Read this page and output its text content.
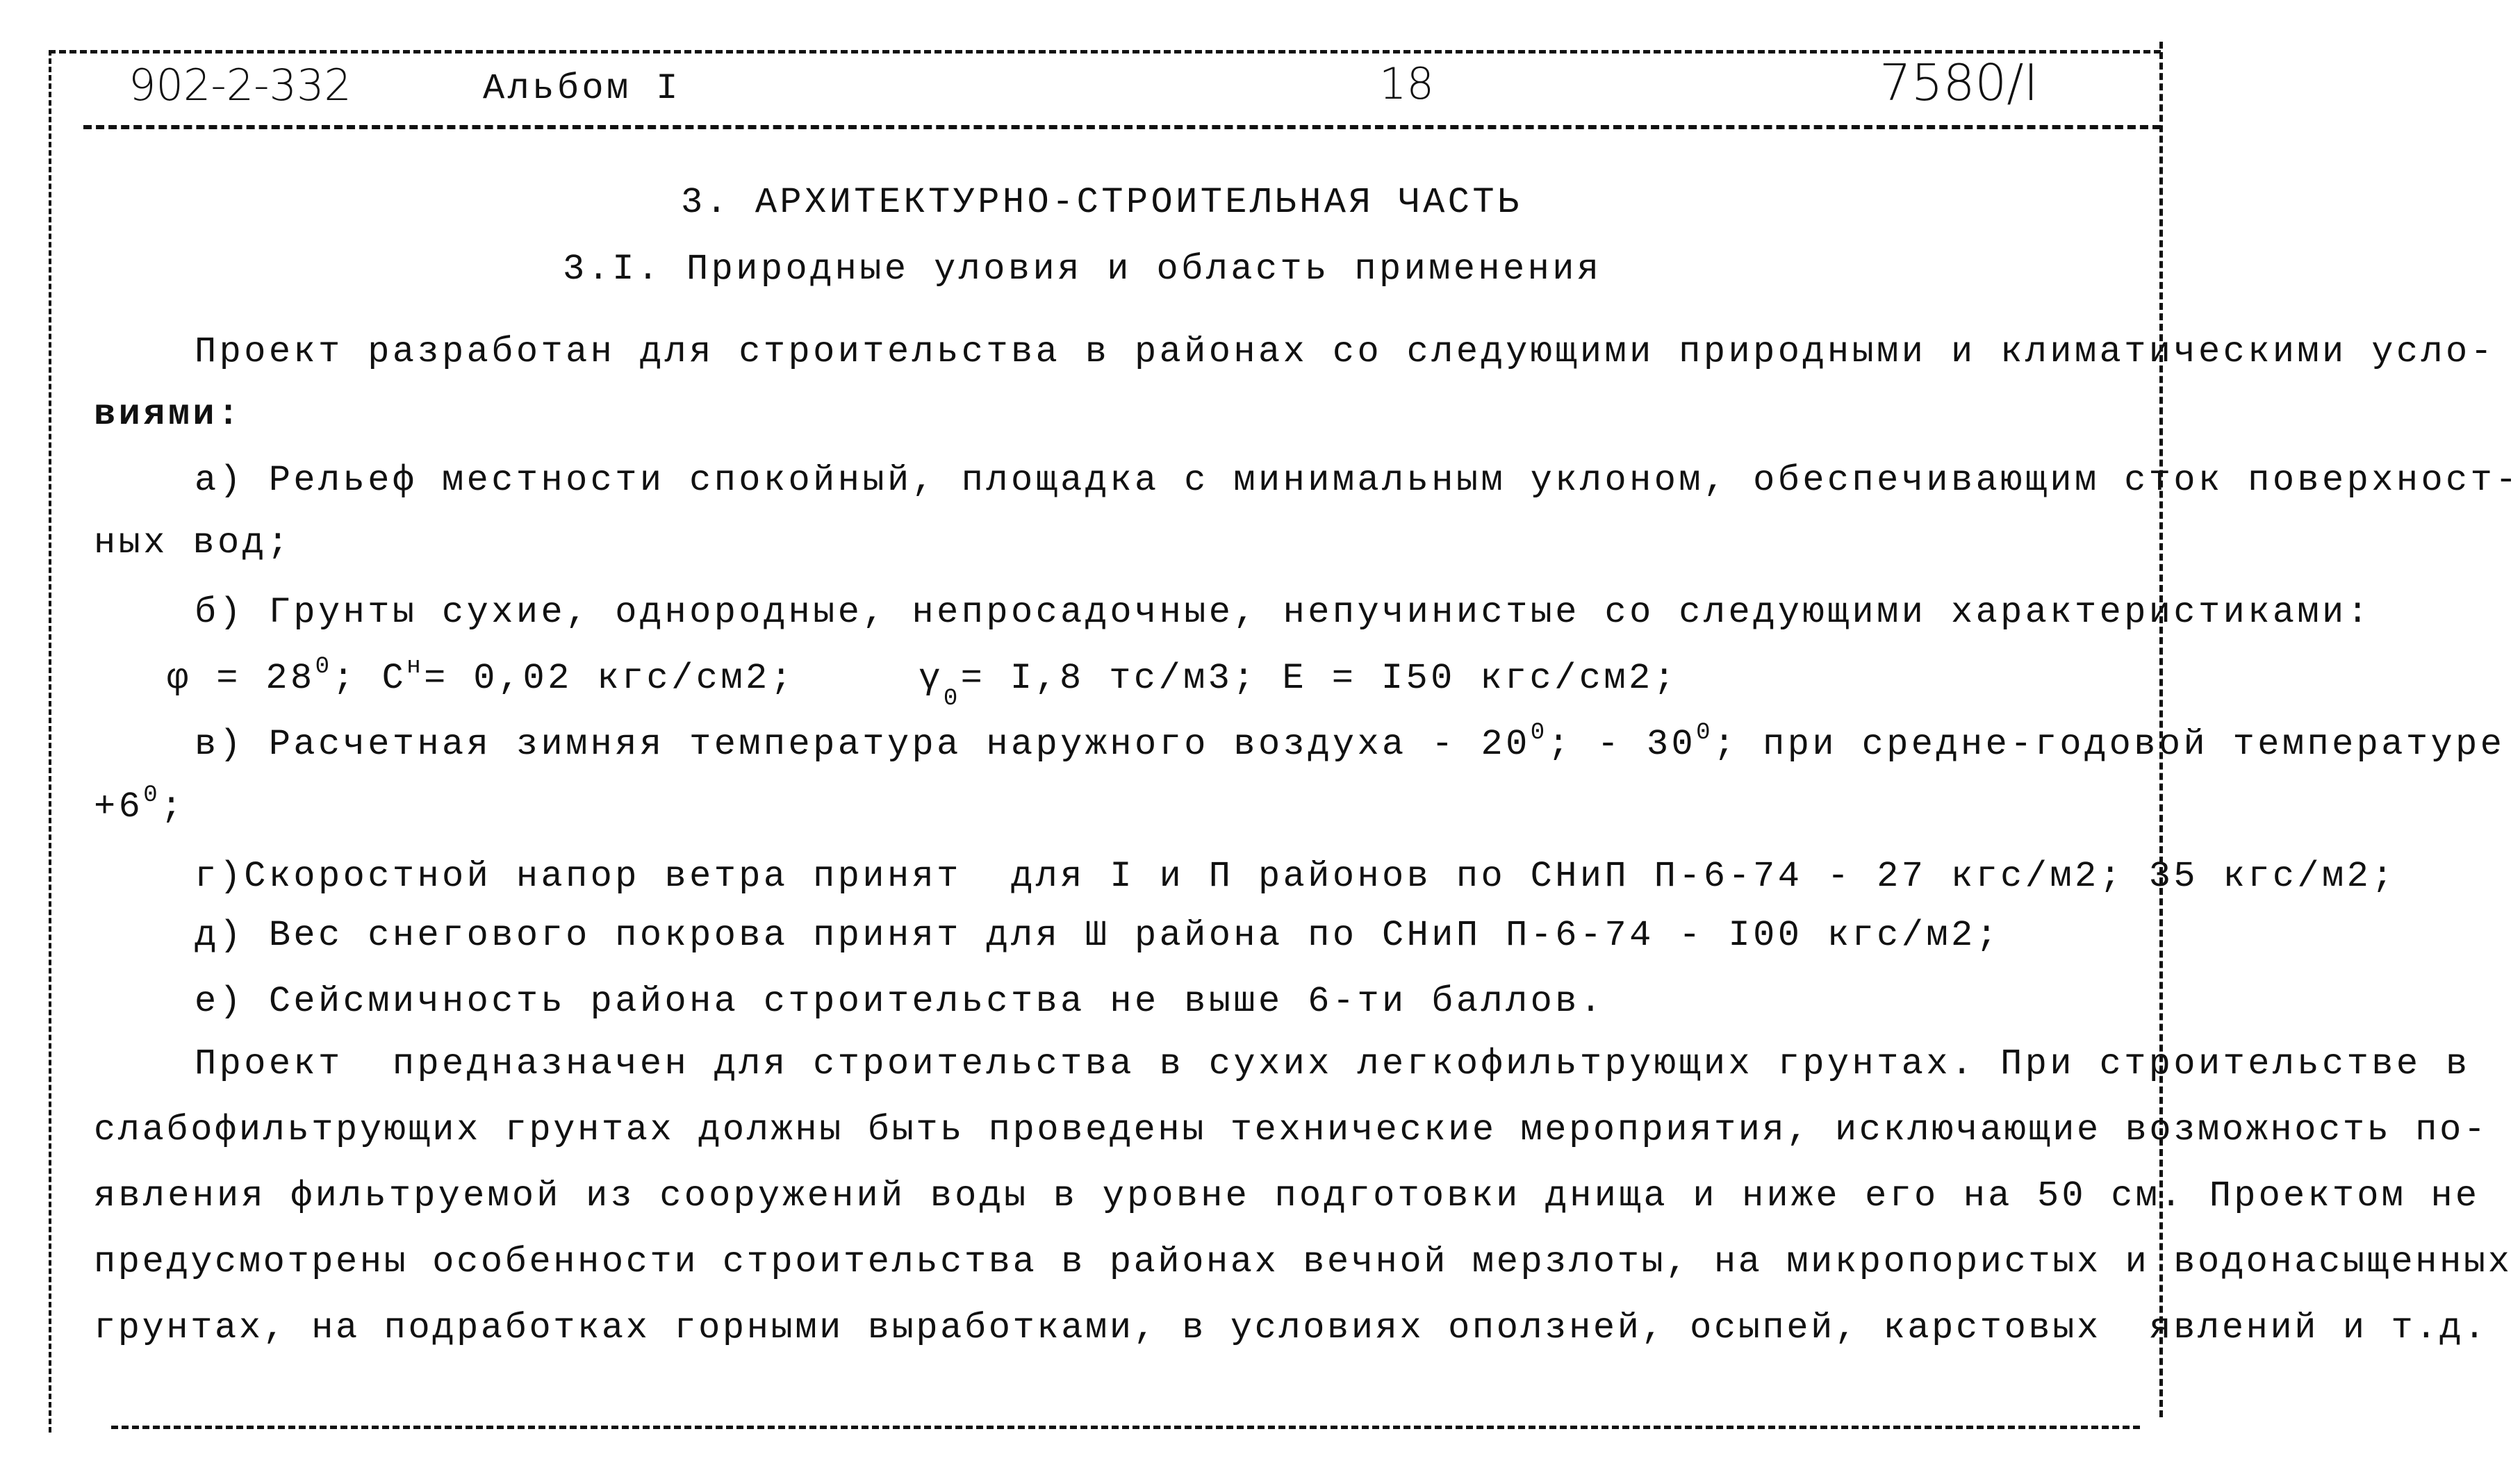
902-2-332	Альбом I	18	7580/I
3. АРХИТЕКТУРНО-СТРОИТЕЛЬНАЯ ЧАСТЬ
3.I. Природные уловия и область применения
Проект разработан для строительства в районах со следующими природными и климатическими усло-
виями:
а) Рельеф местности спокойный, площадка с минимальным уклоном, обеспечивающим сток поверхност-
ных вод;
б) Грунты сухие, однородные, непросадочные, непучинистые со следующими характеристиками:
$\varphi = 28^0$; $C^н= 0,02$ кгс/см2;	$\gamma_0= I,8$ тс/м3; E = I50 кгс/см2;
в) Расчетная зимняя температура наружного воздуха - $20^0$; - $30^0$; при средне-годовой температуре
$+6^0$;
г)Скоростной напор ветра принят  для I и П районов по СНиП П-6-74 - 27 кгс/м2; 35 кгс/м2;
д) Вес снегового покрова принят для Ш района по СНиП П-6-74 - I00 кгс/м2;
е) Сейсмичность района строительства не выше 6-ти баллов.
Проект  предназначен для строительства в сухих легкофильтрующих грунтах. При строительстве в
слабофильтрующих грунтах должны быть проведены технические мероприятия, исключающие возможность по-
явления фильтруемой из сооружений воды в уровне подготовки днища и ниже его на 50 см. Проектом не
предусмотрены особенности строительства в районах вечной мерзлоты, на микропористых и водонасыщенных
грунтах, на подработках горными выработками, в условиях оползней, осыпей, карстовых  явлений и т.д.
